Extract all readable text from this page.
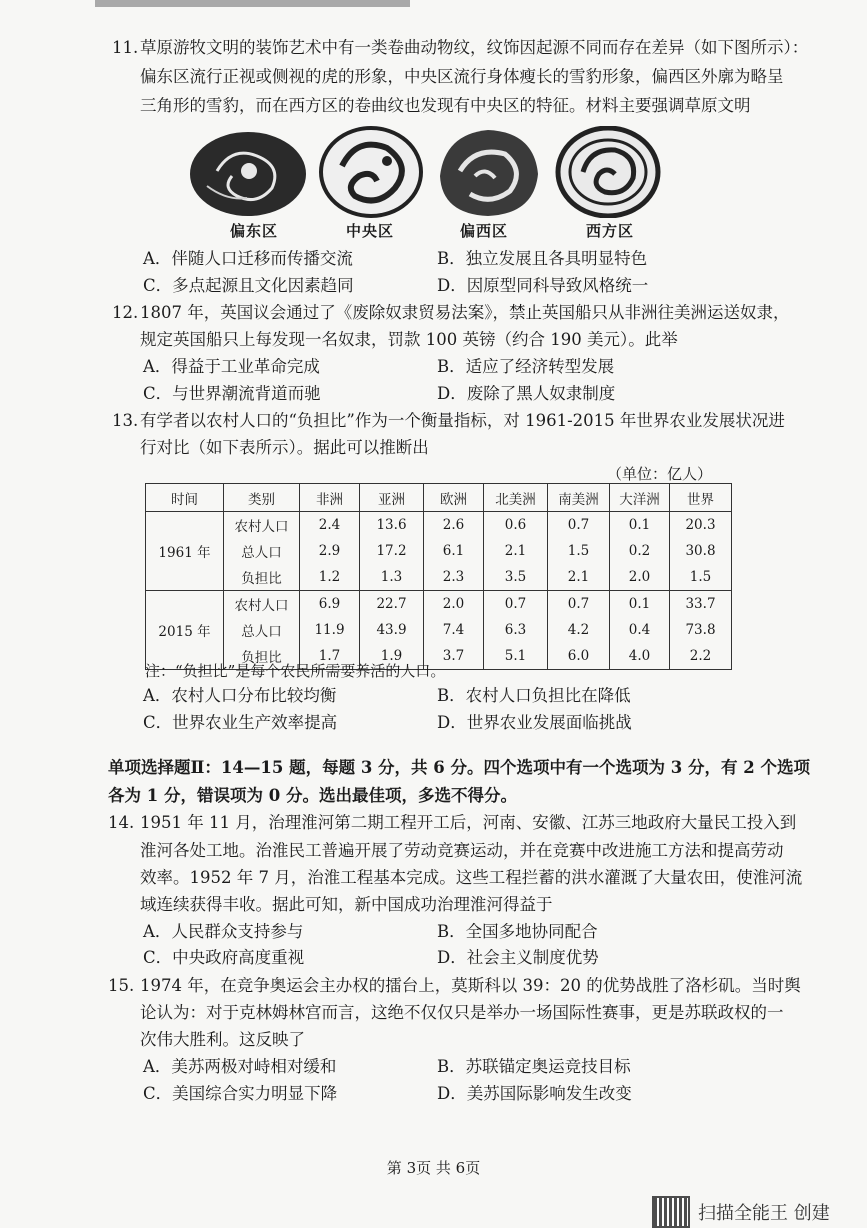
11. 草原游牧文明的装饰艺术中有一类卷曲动物纹，纹饰因起源不同而存在差异（如下图所示）：
偏东区流行正视或侧视的虎的形象，中央区流行身体瘦长的雪豹形象，偏西区外廓为略呈
三角形的雪豹，而在西方区的卷曲纹也发现有中央区的特征。材料主要强调草原文明
偏东区	中央区	偏西区	西方区
A．伴随人口迁移而传播交流	B．独立发展且各具明显特色
C．多点起源且文化因素趋同	D．因原型同科导致风格统一
12. 1807 年，英国议会通过了《废除奴隶贸易法案》，禁止英国船只从非洲往美洲运送奴隶，
规定英国船只上每发现一名奴隶，罚款 100 英镑（约合 190 美元）。此举
A．得益于工业革命完成	B．适应了经济转型发展
C．与世界潮流背道而驰	D．废除了黑人奴隶制度
13. 有学者以农村人口的“负担比”作为一个衡量指标，对 1961-2015 年世界农业发展状况进
行对比（如下表所示）。据此可以推断出
（单位：亿人）
时间	类别	非洲	亚洲	欧洲	北美洲	南美洲	大洋洲	世界
1961 年	农村人口	2.4	13.6	2.6	0.6	0.7	0.1	20.3
	总人口	2.9	17.2	6.1	2.1	1.5	0.2	30.8
	负担比	1.2	1.3	2.3	3.5	2.1	2.0	1.5
2015 年	农村人口	6.9	22.7	2.0	0.7	0.7	0.1	33.7
	总人口	11.9	43.9	7.4	6.3	4.2	0.4	73.8
	负担比	1.7	1.9	3.7	5.1	6.0	4.0	2.2
注：“负担比”是每个农民所需要养活的人口。
A．农村人口分布比较均衡	B．农村人口负担比在降低
C．世界农业生产效率提高	D．世界农业发展面临挑战
单项选择题Ⅱ：14—15 题，每题 3 分，共 6 分。四个选项中有一个选项为 3 分，有 2 个选项
各为 1 分，错误项为 0 分。选出最佳项，多选不得分。
14. 1951 年 11 月，治理淮河第二期工程开工后，河南、安徽、江苏三地政府大量民工投入到
淮河各处工地。治淮民工普遍开展了劳动竞赛运动，并在竞赛中改进施工方法和提高劳动
效率。1952 年 7 月，治淮工程基本完成。这些工程拦蓄的洪水灌溉了大量农田，使淮河流
域连续获得丰收。据此可知，新中国成功治理淮河得益于
A．人民群众支持参与	B．全国多地协同配合
C．中央政府高度重视	D．社会主义制度优势
15. 1974 年，在竞争奥运会主办权的擂台上，莫斯科以 39：20 的优势战胜了洛杉矶。当时舆
论认为：对于克林姆林宫而言，这绝不仅仅只是举办一场国际性赛事，更是苏联政权的一
次伟大胜利。这反映了
A．美苏两极对峙相对缓和	B．苏联锚定奥运竞技目标
C．美国综合实力明显下降	D．美苏国际影响发生改变
第 3页 共 6页
扫描全能王 创建
